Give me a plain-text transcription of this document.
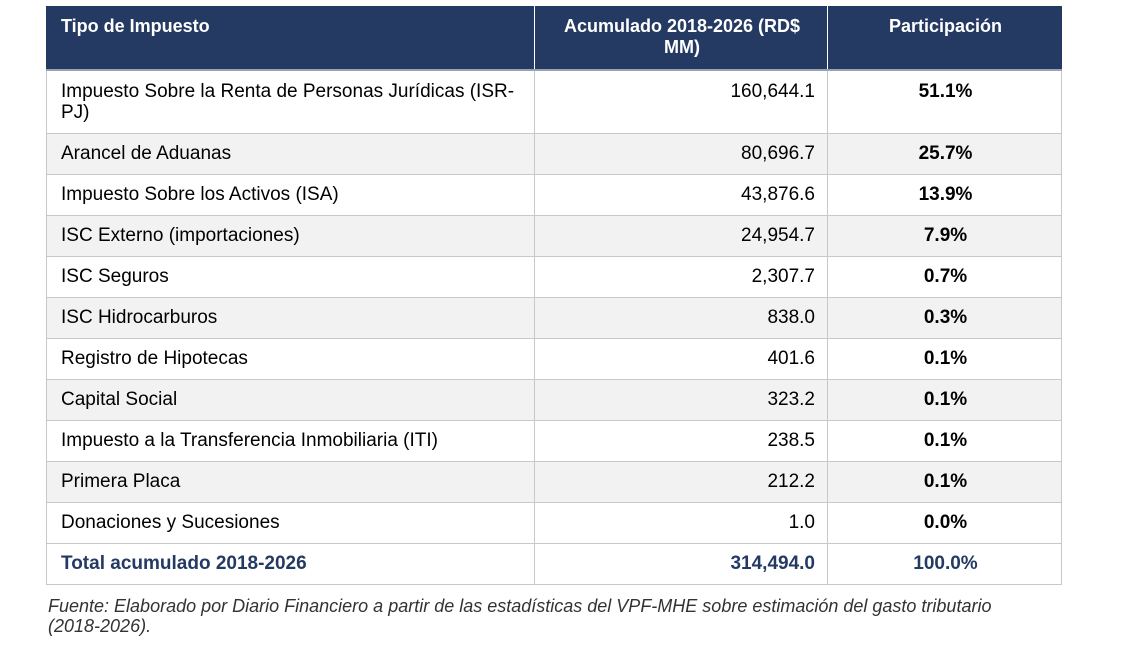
Tipo de Impuesto	Acumulado 2018-2026 (RD$ MM)	Participación
Impuesto Sobre la Renta de Personas Jurídicas (ISR-PJ)	160,644.1	51.1%
Arancel de Aduanas	80,696.7	25.7%
Impuesto Sobre los Activos (ISA)	43,876.6	13.9%
ISC Externo (importaciones)	24,954.7	7.9%
ISC Seguros	2,307.7	0.7%
ISC Hidrocarburos	838.0	0.3%
Registro de Hipotecas	401.6	0.1%
Capital Social	323.2	0.1%
Impuesto a la Transferencia Inmobiliaria (ITI)	238.5	0.1%
Primera Placa	212.2	0.1%
Donaciones y Sucesiones	1.0	0.0%
Total acumulado 2018-2026	314,494.0	100.0%
Fuente: Elaborado por Diario Financiero a partir de las estadísticas del VPF-MHE sobre estimación del gasto tributario (2018-2026).
